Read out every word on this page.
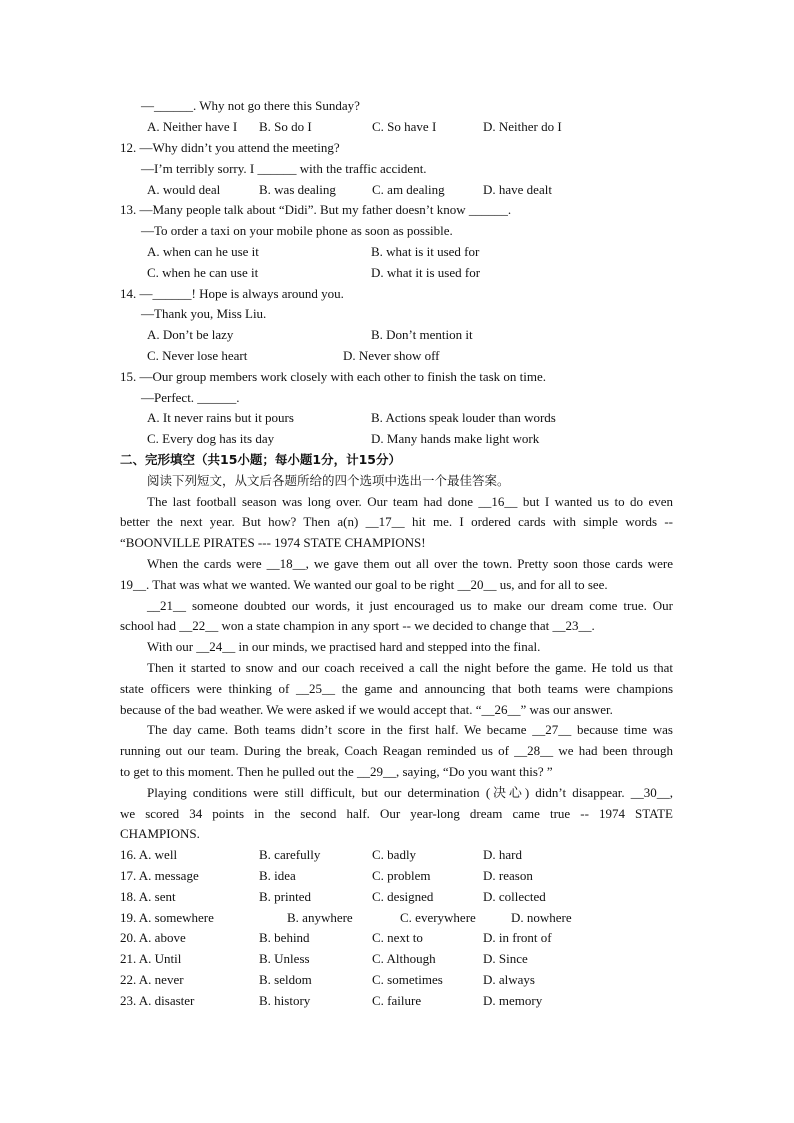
—______. Why not go there this Sunday?
A. Neither have I B. So do I	C. So have I	D. Neither do I
12. —Why didn’t you attend the meeting?
—I’m terribly sorry. I ______ with the traffic accident.
A. would deal	B. was dealing	C. am dealing	D. have dealt
13. —Many people talk about “Didi”. But my father doesn’t know ______.
—To order a taxi on your mobile phone as soon as possible.
A. when can he use it	B. what is it used for
C. when he can use it	D. what it is used for
14. —______! Hope is always around you.
—Thank you, Miss Liu.
A. Don’t be lazy	B. Don’t mention it
C. Never lose heart	D. Never show off
15. —Our group members work closely with each other to finish the task on time.
—Perfect. ______.
A. It never rains but it pours	B. Actions speak louder than words
C. Every dog has its day	D. Many hands make light work
二、完形填空（共15小题；每小题1分，计15分）
阅读下列短文，从文后各题所给的四个选项中选出一个最佳答案。
The last football season was long over. Our team had done __16__ but I wanted us to do even
better the next year. But how? Then a(n) __17__ hit me. I ordered cards with simple words --
“BOONVILLE PIRATES --- 1974 STATE CHAMPIONS!
When the cards were __18__, we gave them out all over the town. Pretty soon those cards were
19__. That was what we wanted. We wanted our goal to be right __20__ us, and for all to see.
__21__ someone doubted our words, it just encouraged us to make our dream come true. Our
school had __22__ won a state champion in any sport -- we decided to change that __23__.
With our __24__ in our minds, we practised hard and stepped into the final.
Then it started to snow and our coach received a call the night before the game. He told us that
state officers were thinking of __25__ the game and announcing that both teams were champions
because of the bad weather. We were asked if we would accept that. “__26__” was our answer.
The day came. Both teams didn’t score in the first half. We became __27__ because time was
running out our team. During the break, Coach Reagan reminded us of __28__ we had been through
to get to this moment. Then he pulled out the __29__, saying, “Do you want this? ”
Playing conditions were still difficult, but our determination (决心) didn’t disappear. __30__,
we scored 34 points in the second half. Our year-long dream came true -- 1974 STATE
CHAMPIONS.
16. A. well	B. carefully	C. badly	D. hard
17. A. message	B. idea	C. problem	D. reason
18. A. sent	B. printed	C. designed	D. collected
19. A. somewhere	B. anywhere	C. everywhere	D. nowhere
20. A. above	B. behind	C. next to	D. in front of
21. A. Until	B. Unless	C. Although	D. Since
22. A. never	B. seldom	C. sometimes	D. always
23. A. disaster	B. history	C. failure	D. memory
